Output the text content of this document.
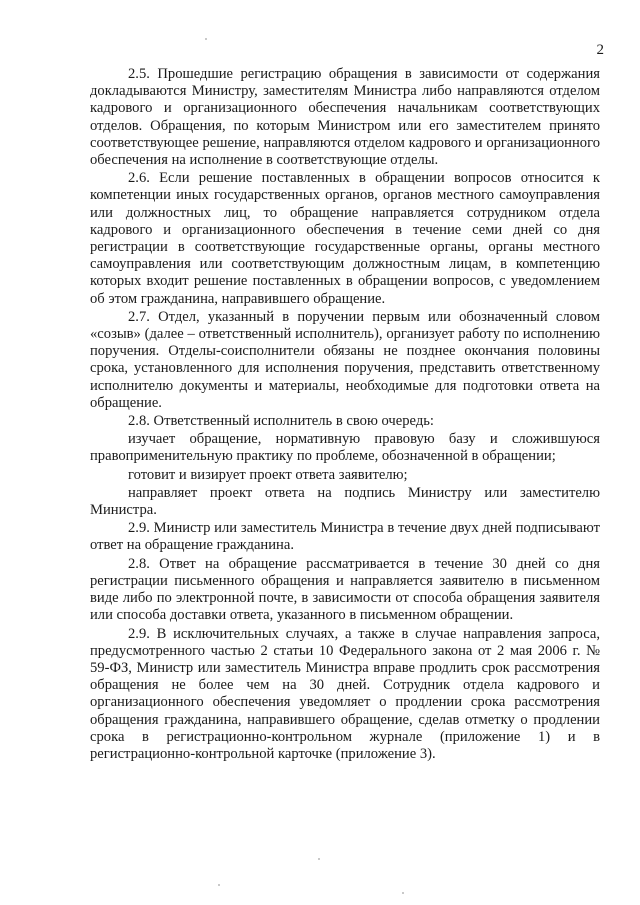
2

2.5. Прошедшие регистрацию обращения в зависимости от содержания докладываются Министру, заместителям Министра либо направляются отделом кадрового и организационного обеспечения начальникам соответствующих отделов. Обращения, по которым Министром или его заместителем принято соответствующее решение, направляются отделом кадрового и организационного обеспечения на исполнение в соответствующие отделы.

2.6. Если решение поставленных в обращении вопросов относится к компетенции иных государственных органов, органов местного самоуправления или должностных лиц, то обращение направляется сотрудником отдела кадрового и организационного обеспечения в течение семи дней со дня регистрации в соответствующие государственные органы, органы местного самоуправления или соответствующим должностным лицам, в компетенцию которых входит решение поставленных в обращении вопросов, с уведомлением об этом гражданина, направившего обращение.

2.7. Отдел, указанный в поручении первым или обозначенный словом «созыв» (далее – ответственный исполнитель), организует работу по исполнению поручения. Отделы-соисполнители обязаны не позднее окончания половины срока, установленного для исполнения поручения, представить ответственному исполнителю документы и материалы, необходимые для подготовки ответа на обращение.

2.8. Ответственный исполнитель в свою очередь:

изучает обращение, нормативную правовую базу и сложившуюся правоприменительную практику по проблеме, обозначенной в обращении;

готовит и визирует проект ответа заявителю;

направляет проект ответа на подпись Министру или заместителю Министра.

2.9. Министр или заместитель Министра в течение двух дней подписывают ответ на обращение гражданина.

2.8. Ответ на обращение рассматривается в течение 30 дней со дня регистрации письменного обращения и направляется заявителю в письменном виде либо по электронной почте, в зависимости от способа обращения заявителя или способа доставки ответа, указанного в письменном обращении.

2.9. В исключительных случаях, а также в случае направления запроса, предусмотренного частью 2 статьи 10 Федерального закона от 2 мая 2006 г. № 59-ФЗ, Министр или заместитель Министра вправе продлить срок рассмотрения обращения не более чем на 30 дней. Сотрудник отдела кадрового и организационного обеспечения уведомляет о продлении срока рассмотрения обращения гражданина, направившего обращение, сделав отметку о продлении срока в регистрационно-контрольном журнале (приложение 1) и в регистрационно-контрольной карточке (приложение 3).
